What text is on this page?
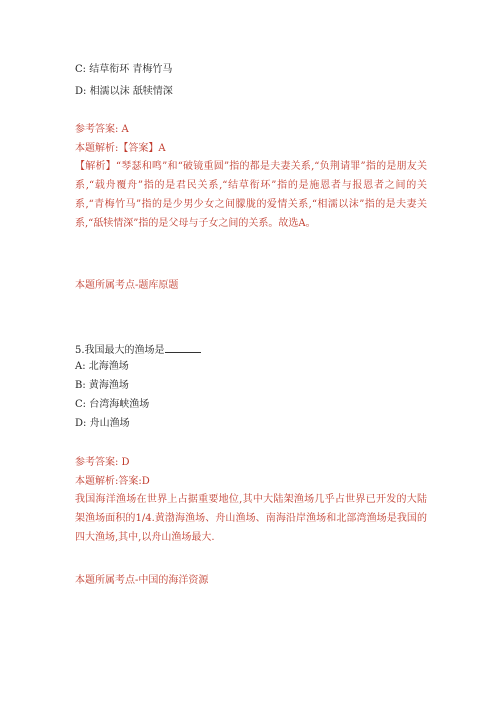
C: 结草衔环 青梅竹马
D: 相濡以沫 舐犊情深
参考答案: A
本题解析:【答案】A
【解析】“琴瑟和鸣”和“破镜重圆”指的都是夫妻关系,“负荆请罪”指的是朋友关系,“载舟覆舟”指的是君民关系,“结草衔环”指的是施恩者与报恩者之间的关系,“青梅竹马”指的是少男少女之间朦胧的爱情关系,“相濡以沫”指的是夫妻关系,“舐犊情深”指的是父母与子女之间的关系。故选A。
本题所属考点-题库原题
5.我国最大的渔场是
A: 北海渔场
B: 黄海渔场
C: 台湾海峡渔场
D: 舟山渔场
参考答案: D
本题解析:答案:D
我国海洋渔场在世界上占据重要地位,其中大陆架渔场几乎占世界已开发的大陆架渔场面积的1/4.黄渤海渔场、舟山渔场、南海沿岸渔场和北部湾渔场是我国的四大渔场,其中,以舟山渔场最大.
本题所属考点-中国的海洋资源
